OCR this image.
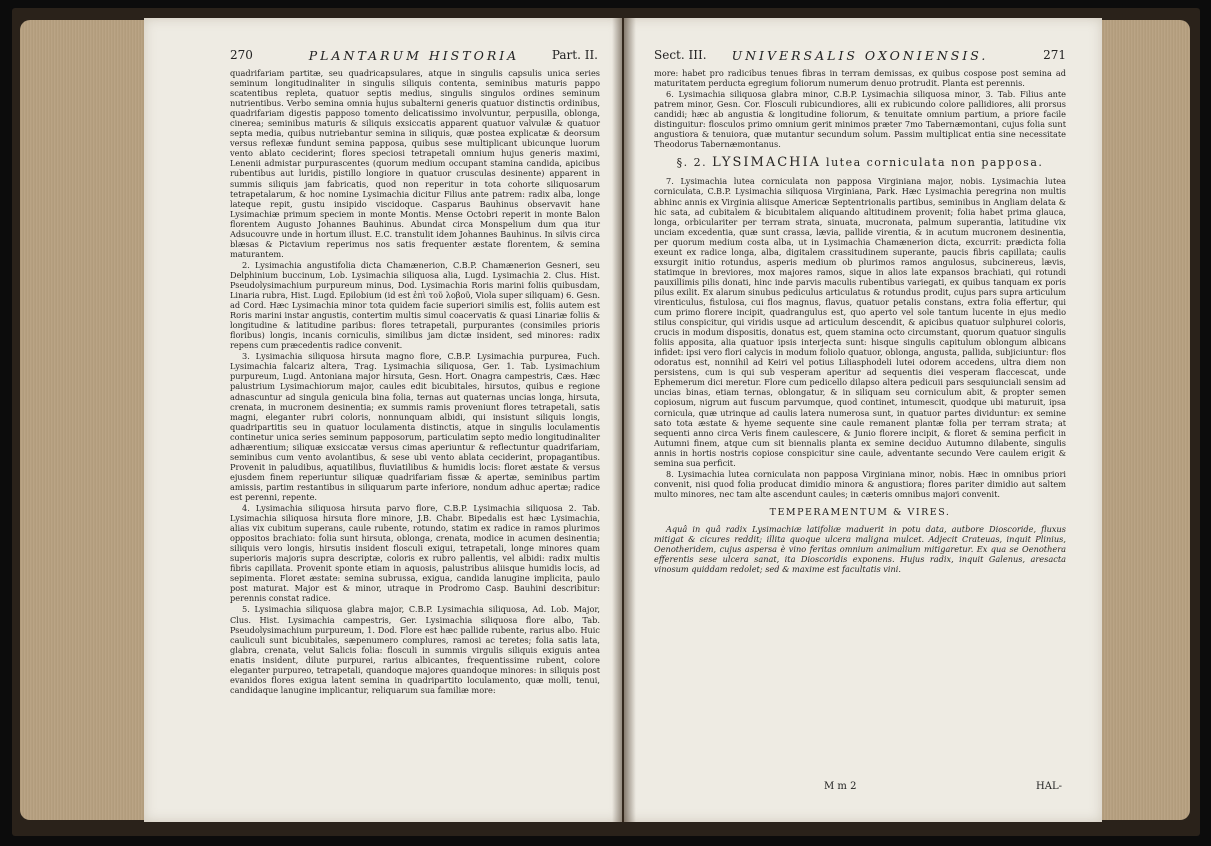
270	PLANTARUM HISTORIA	Part. II.

quadrifariam partitæ, seu quadricapsulares, atque in singulis capsulis unica series seminum longitudinaliter in singulis siliquis contenta, seminibus maturis pappo scatentibus repleta, quatuor septis medius, singulis singulos ordines seminum nutrientibus. Verbo semina omnia hujus subalterni generis quatuor distinctis ordinibus, quadrifariam digestis papposo tomento delicatissimo involvuntur, perpusilla, oblonga, cinerea; seminibus maturis & siliquis exsiccatis apparent quatuor valvulæ & quatuor septa media, quibus nutriebantur semina in siliquis, quæ postea explicatæ & deorsum versus reflexæ fundunt semina papposa, quibus sese multiplicant ubicunque luorum vento ablato ceciderint; flores speciosi tetrapetali omnium hujus generis maximi, Lenenii admistar purpurascentes (quorum medium occupant stamina candida, apicibus rubentibus aut luridis, pistillo longiore in quatuor crusculas desinente) apparent in summis siliquis jam fabricatis, quod non reperitur in tota cohorte siliquosarum tetrapetalarum, & hoc nomine Lysimachia dicitur Filius ante patrem: radix alba, longe lateque repit, gustu insipido viscidoque. Casparus Bauhinus observavit hane Lysimachiæ primum speciem in monte Montis. Mense Octobri reperit in monte Balon florentem Augusto Johannes Bauhinus. Abundat circa Monspelium dum qua itur Adsucouvre unde in hortum illust. E.C. transtulit idem Johannes Bauhinus. In silvis circa blæsas & Pictavium reperimus nos satis frequenter æstate florentem, & semina maturantem.

2. Lysimachia angustifolia dicta Chamænerion, C.B.P. Chamænerion Gesneri, seu Delphinium buccinum, Lob. Lysimachia siliquosa alia, Lugd. Lysimachia 2. Clus. Hist. Pseudolysimachium purpureum minus, Dod. Lysimachia Roris marini foliis quibusdam, Linaria rubra, Hist. Lugd. Epilobium (id est ἐπὶ τοῦ λοβοῦ, Viola super siliquam) 6. Gesn. ad Cord. Hæc Lysimachia minor tota quidem facie superiori similis est, foliis autem est Roris marini instar angustis, contertim multis simul coacervatis & quasi Linariæ foliis & longitudine & latitudine paribus: flores tetrapetali, purpurantes (consimiles prioris floribus) longis, incanis corniculis, similibus jam dictæ insident, sed minores: radix repens cum præcedentis radice convenit.

3. Lysimachia siliquosa hirsuta magno flore, C.B.P. Lysimachia purpurea, Fuch. Lysimachia falcariz altera, Trag. Lysimachia siliquosa, Ger. 1. Tab. Lysimachium purpureum, Lugd. Antoniana major hirsuta, Gesn. Hort. Onagra campestris, Cæs. Hæc palustrium Lysimachiorum major, caules edit bicubitales, hirsutos, quibus e regione adnascuntur ad singula genicula bina folia, ternas aut quaternas uncias longa, hirsuta, crenata, in mucronem desinentia; ex summis ramis proveniunt flores tetrapetali, satis magni, eleganter rubri coloris, nonnunquam albidi, qui insistunt siliquis longis, quadripartitis seu in quatuor loculamenta distinctis, atque in singulis loculamentis continetur unica series seminum papposorum, particulatim septo medio longitudinaliter adhærentium; siliquæ exsiccatæ versus cimas aperiuntur & reflectuntur quadrifariam, seminibus cum vento avolantibus, & sese ubi vento ablata ceciderint, propagantibus. Provenit in paludibus, aquatilibus, fluviatilibus & humidis locis: floret æstate & versus ejusdem finem reperiuntur siliquæ quadrifariam fissæ & apertæ, seminibus partim amissis, partim restantibus in siliquarum parte inferiore, nondum adhuc apertæ; radice est perenni, repente.

4. Lysimachia siliquosa hirsuta parvo flore, C.B.P. Lysimachia siliquosa 2. Tab. Lysimachia siliquosa hirsuta flore minore, J.B. Chabr. Bipedalis est hæc Lysimachia, alias vix cubitum superans, caule rubente, rotundo, statim ex radice in ramos plurimos oppositos brachiato: folia sunt hirsuta, oblonga, crenata, modice in acumen desinentia; siliquis vero longis, hirsutis insident flosculi exigui, tetrapetali, longe minores quam superioris majoris supra descriptæ, coloris ex rubro pallentis, vel albidi: radix multis fibris capillata. Provenit sponte etiam in aquosis, palustribus aliisque humidis locis, ad sepimenta. Floret æstate: semina subrussa, exigua, candida lanugine implicita, paulo post maturat. Major est & minor, utraque in Prodromo Casp. Bauhini describitur: perennis constat radice.

5. Lysimachia siliquosa glabra major, C.B.P. Lysimachia siliquosa, Ad. Lob. Major, Clus. Hist. Lysimachia campestris, Ger. Lysimachia siliquosa flore albo, Tab. Pseudolysimachium purpureum, 1. Dod. Flore est hæc pallide rubente, rarius albo. Huic cauliculi sunt bicubitales, sæpenumero complures, ramosi ac teretes; folia satis lata, glabra, crenata, velut Salicis folia: flosculi in summis virgulis siliquis exiguis antea enatis insident, dilute purpurei, rarius albicantes, frequentissime rubent, colore eleganter purpureo, tetrapetali, quandoque majores quandoque minores: in siliquis post evanidos flores exigua latent semina in quadripartito loculamento, quæ molli, tenui, candidaque lanugine implicantur, reliquarum sua familiæ more:

Sect. III.	UNIVERSALIS OXONIENSIS.	271

more: habet pro radicibus tenues fibras in terram demissas, ex quibus cospose post semina ad maturitatem perducta egregium foliorum numerum denuo protrudit. Planta est perennis.

6. Lysimachia siliquosa glabra minor, C.B.P. Lysimachia siliquosa minor, 3. Tab. Filius ante patrem minor, Gesn. Cor. Flosculi rubicundiores, alii ex rubicundo colore pallidiores, alii prorsus candidi; hæc ab angustia & longitudine foliorum, & tenuitate omnium partium, a priore facile distinguitur: flosculos primo omnium gerit minimos præter 7mo Tabernæmontani, cujus folia sunt angustiora & tenuiora, quæ mutantur secundum solum. Passim multiplicat entia sine necessitate Theodorus Tabernæmontanus.

§. 2. LYSIMACHIA lutea corniculata non papposa.

7. Lysimachia lutea corniculata non papposa Virginiana major, nobis. Lysimachia lutea corniculata, C.B.P. Lysimachia siliquosa Virginiana, Park. Hæc Lysimachia peregrina non multis abhinc annis ex Virginia aliisque Americæ Septentrionalis partibus, seminibus in Angliam delata & hic sata, ad cubitalem & bicubitalem aliquando altitudinem provenit; folia habet prima glauca, longa, orbiculariter per terram strata, sinuata, mucronata, palmum superantia, latitudine vix unciam excedentia, quæ sunt crassa, lævia, pallide virentia, & in acutum mucronem desinentia, per quorum medium costa alba, ut in Lysimachia Chamænerion dicta, excurrit: prædicta folia exeunt ex radice longa, alba, digitalem crassitudinem superante, paucis fibris capillata; caulis exsurgit initio rotundus, asperis medium ob plurimos ramos angulosus, subcinereus, lævis, statimque in breviores, mox majores ramos, sique in alios late expansos brachiati, qui rotundi pauxillimis pilis donati, hinc inde parvis maculis rubentibus variegati, ex quibus tanquam ex poris pilus exilit. Ex alarum sinubus pediculus articulatus & rotundus prodit, cujus pars supra articulum virenticulus, fistulosa, cui flos magnus, flavus, quatuor petalis constans, extra folia effertur, qui cum primo florere incipit, quadrangulus est, quo aperto vel sole tantum lucente in ejus medio stilus conspicitur, qui viridis usque ad articulum descendit, & apicibus quatuor sulphurei coloris, crucis in modum dispositis, donatus est, quem stamina octo circumstant, quorum quatuor singulis foliis apposita, alia quatuor ipsis interjecta sunt: hisque singulis capitulum oblongum albicans infidet: ipsi vero flori calycis in modum foliolo quatuor, oblonga, angusta, pallida, subjiciuntur: flos odoratus est, nonnihil ad Keiri vel potius Liliasphodeli lutei odorem accedens, ultra diem non persistens, cum is qui sub vesperam aperitur ad sequentis diei vesperam flaccescat, unde Ephemerum dici meretur. Flore cum pedicello dilapso altera pedicuii pars sesquiunciali sensim ad uncias binas, etiam ternas, oblongatur, & in siliquam seu corniculum abit, & propter semen copiosum, nigrum aut fuscum parvumque, quod continet, intumescit, quodque ubi maturuit, ipsa cornicula, quæ utrinque ad caulis latera numerosa sunt, in quatuor partes dividuntur: ex semine sato tota æstate & hyeme sequente sine caule remanent plantæ folia per terram strata; at sequenti anno circa Veris finem caulescere, & Junio florere incipit, & floret & semina perficit in Autumni finem, atque cum sit biennalis planta ex semine deciduo Autumno dilabente, singulis annis in hortis nostris copiose conspicitur sine caule, adventante secundo Vere caulem erigit & semina sua perficit.

8. Lysimachia lutea corniculata non papposa Virginiana minor, nobis. Hæc in omnibus priori convenit, nisi quod folia producat dimidio minora & angustiora; flores pariter dimidio aut saltem multo minores, nec tam alte ascendunt caules; in cæteris omnibus majori convenit.

TEMPERAMENTUM & VIRES.

Aquâ in quâ radix Lysimachiæ latifoliæ maduerit in potu data, autbore Dioscoride, fluxus mitigat & cicures reddit; illita quoque ulcera maligna mulcet. Adjecit Crateuas, inquit Plinius, Oenotheridem, cujus aspersa è vino feritas omnium animalium mitigaretur. Ex qua se Oenothera efferentis sese ulcera sanat, ita Dioscoridis exponens. Hujus radix, inquit Galenus, aresacta vinosum quiddam redolet; sed & maxime est facultatis vini.

M m 2	HAL-
